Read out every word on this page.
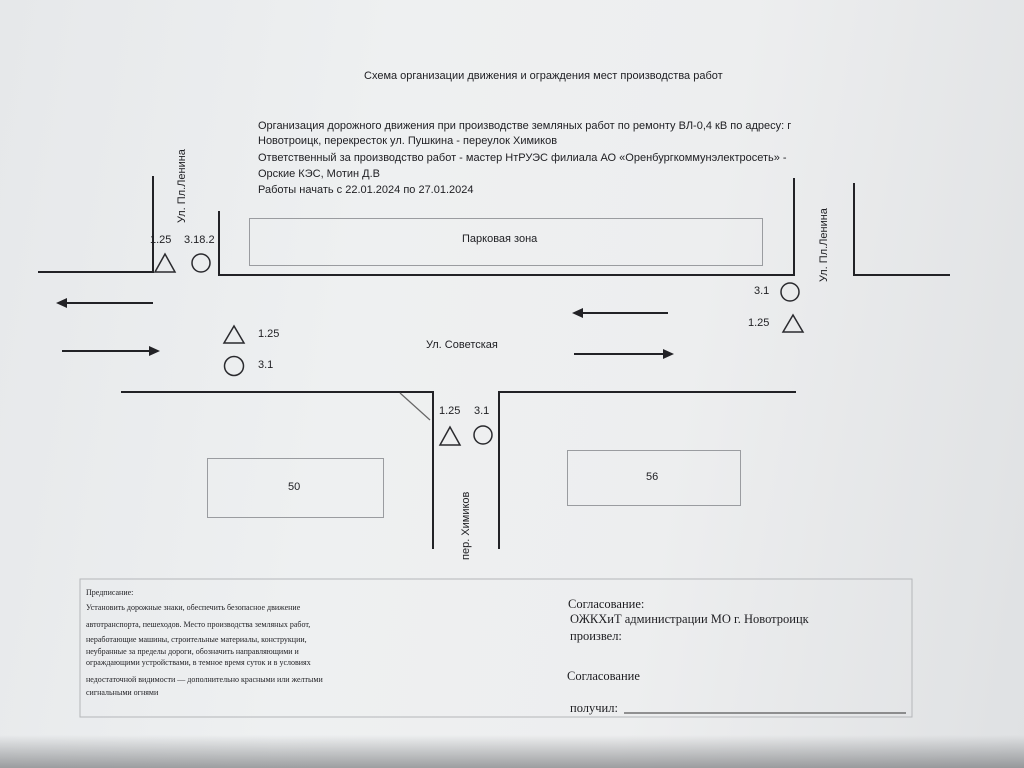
Схема организации движения и ограждения мест производства работ

Организация дорожного движения при производстве земляных работ по ремонту ВЛ-0,4 кВ по адресу: г

Новотроицк, перекресток ул. Пушкина - переулок Химиков

Ответственный за производство работ - мастер НтРУЭС филиала АО «Оренбургкоммунэлектросеть» -

Орские КЭС, Мотин Д.В

Работы начать с 22.01.2024 по 27.01.2024

Парковая зона

50

56

1.25 3.18.2

1.25

3.1

3.1

1.25

1.25 3.1

Ул. Пл.Ленина

Ул. Пл.Ленина

Ул. Советская

пер. Химиков

Предписание:

Установить дорожные знаки, обеспечить безопасное движение

автотранспорта, пешеходов. Место производства земляных работ,

неработающие машины, строительные материалы, конструкции,

неубранные за пределы дороги, обозначить направляющими и

ограждающими устройствами, в темное время суток и в условиях

недостаточной видимости — дополнительно красными или желтыми

сигнальными огнями

Согласование:

ОЖКХиТ администрации МО г. Новотроицк

произвел:

Согласование

получил:
